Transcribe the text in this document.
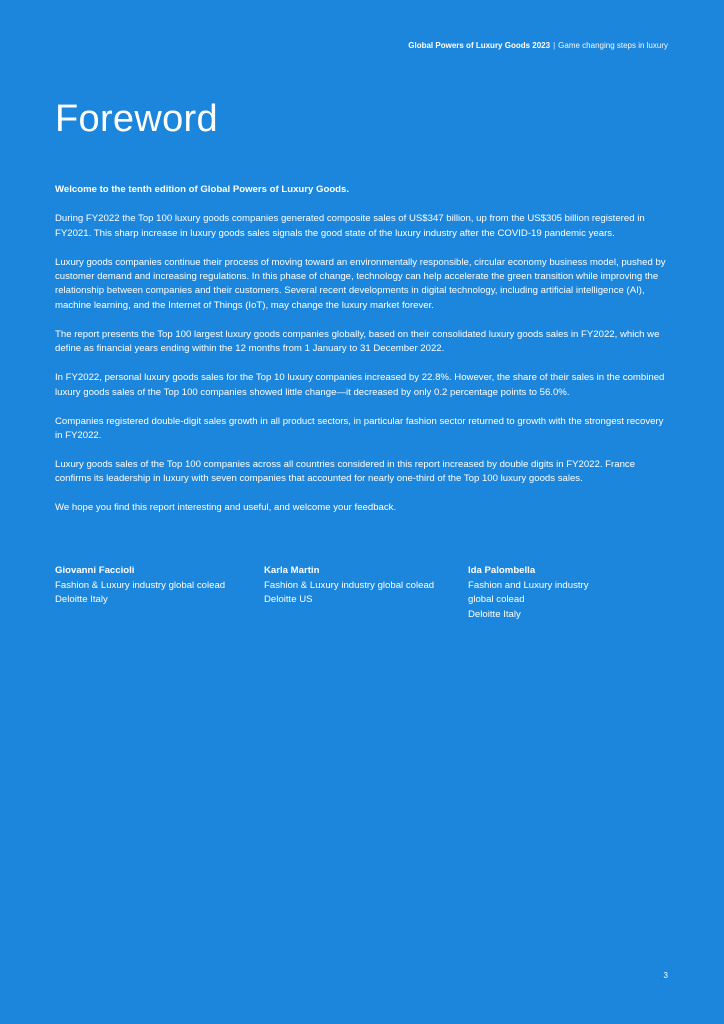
Global Powers of Luxury Goods 2023 | Game changing steps in luxury
Foreword

Welcome to the tenth edition of Global Powers of Luxury Goods.

During FY2022 the Top 100 luxury goods companies generated composite sales of US$347 billion, up from the US$305 billion registered in FY2021. This sharp increase in luxury goods sales signals the good state of the luxury industry after the COVID-19 pandemic years.

Luxury goods companies continue their process of moving toward an environmentally responsible, circular economy business model, pushed by customer demand and increasing regulations. In this phase of change, technology can help accelerate the green transition while improving the relationship between companies and their customers. Several recent developments in digital technology, including artificial intelligence (AI), machine learning, and the Internet of Things (IoT), may change the luxury market forever.

The report presents the Top 100 largest luxury goods companies globally, based on their consolidated luxury goods sales in FY2022, which we define as financial years ending within the 12 months from 1 January to 31 December 2022.

In FY2022, personal luxury goods sales for the Top 10 luxury companies increased by 22.8%. However, the share of their sales in the combined luxury goods sales of the Top 100 companies showed little change—it decreased by only 0.2 percentage points to 56.0%.

Companies registered double-digit sales growth in all product sectors, in particular fashion sector returned to growth with the strongest recovery in FY2022.

Luxury goods sales of the Top 100 companies across all countries considered in this report increased by double digits in FY2022. France confirms its leadership in luxury with seven companies that accounted for nearly one-third of the Top 100 luxury goods sales.

We hope you find this report interesting and useful, and welcome your feedback.

Giovanni Faccioli
Fashion & Luxury industry global colead
Deloitte Italy
Karla Martin
Fashion & Luxury industry global colead
Deloitte US
Ida Palombella
Fashion and Luxury industry
global colead
Deloitte Italy
3
